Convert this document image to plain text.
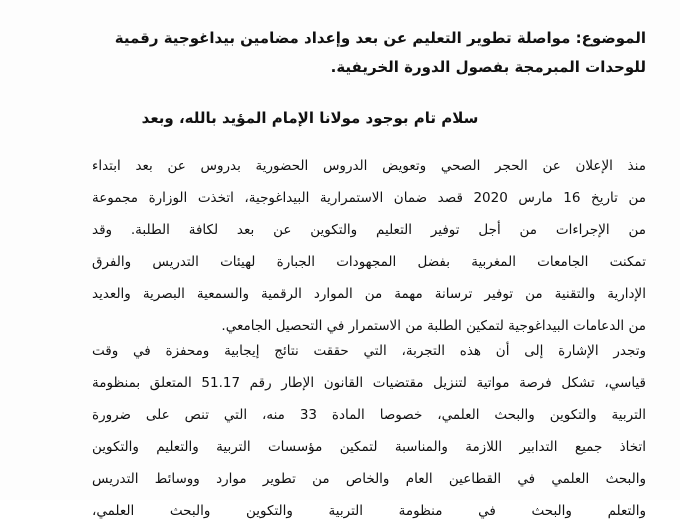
الموضوع: مواصلة تطوير التعليم عن بعد وإعداد مضامين بيداغوجية رقمية للوحدات المبرمجة بفصول الدورة الخريفية.
سلام تام بوجود مولانا الإمام المؤيد بالله، وبعد
منذ الإعلان عن الحجر الصحي وتعويض الدروس الحضورية بدروس عن بعد ابتداء
من تاريخ 16 مارس 2020 قصد ضمان الاستمرارية البيداغوجية، اتخذت الوزارة مجموعة
من الإجراءات من أجل توفير التعليم والتكوين عن بعد لكافة الطلبة. وقد
تمكنت الجامعات المغربية بفضل المجهودات الجبارة لهيئات التدريس والفرق
الإدارية والتقنية من توفير ترسانة مهمة من الموارد الرقمية والسمعية البصرية والعديد
من الدعامات البيداغوجية لتمكين الطلبة من الاستمرار في التحصيل الجامعي.
وتجدر الإشارة إلى أن هذه التجربة، التي حققت نتائج إيجابية ومحفزة في وقت
قياسي، تشكل فرصة مواتية لتنزيل مقتضيات القانون الإطار رقم 51.17 المتعلق بمنظومة
التربية والتكوين والبحث العلمي، خصوصا المادة 33 منه، التي تنص على ضرورة
اتخاذ جميع التدابير اللازمة والمناسبة لتمكين مؤسسات التربية والتعليم والتكوين
والبحث العلمي في القطاعين العام والخاص من تطوير موارد ووسائط التدريس
والتعلم والبحث في منظومة التربية والتكوين والبحث العلمي،
